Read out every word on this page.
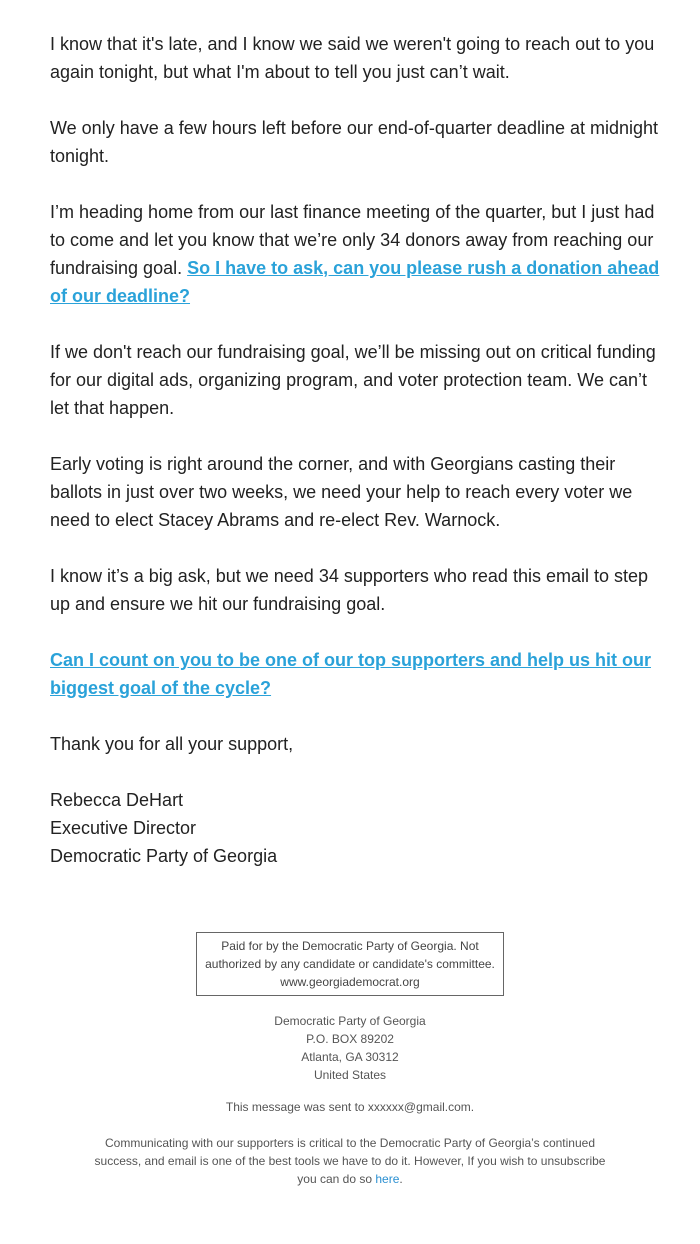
I know that it's late, and I know we said we weren't going to reach out to you again tonight, but what I'm about to tell you just can’t wait.

We only have a few hours left before our end-of-quarter deadline at midnight tonight.

I’m heading home from our last finance meeting of the quarter, but I just had to come and let you know that we’re only 34 donors away from reaching our fundraising goal. So I have to ask, can you please rush a donation ahead of our deadline?

If we don't reach our fundraising goal, we’ll be missing out on critical funding for our digital ads, organizing program, and voter protection team. We can’t let that happen.

Early voting is right around the corner, and with Georgians casting their ballots in just over two weeks, we need your help to reach every voter we need to elect Stacey Abrams and re-elect Rev. Warnock.

I know it’s a big ask, but we need 34 supporters who read this email to step up and ensure we hit our fundraising goal.

Can I count on you to be one of our top supporters and help us hit our biggest goal of the cycle?

Thank you for all your support,

Rebecca DeHart
Executive Director
Democratic Party of Georgia
Paid for by the Democratic Party of Georgia. Not
authorized by any candidate or candidate's committee.
www.georgiademocrat.org
Democratic Party of Georgia
P.O. BOX 89202
Atlanta, GA 30312
United States
This message was sent to xxxxxx@gmail.com.
Communicating with our supporters is critical to the Democratic Party of Georgia’s continued success, and email is one of the best tools we have to do it. However, If you wish to unsubscribe you can do so here.
